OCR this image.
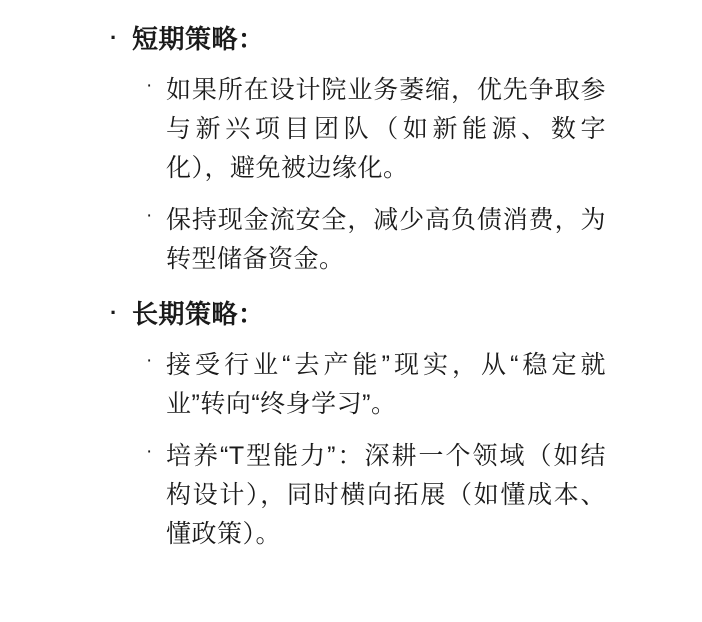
· 短期策略：
· 如果所在设计院业务萎缩，优先争取参与新兴项目团队（如新能源、数字化），避免被边缘化。
· 保持现金流安全，减少高负债消费，为转型储备资金。
· 长期策略：
· 接受行业“去产能”现实，从“稳定就业”转向“终身学习”。
· 培养“T型能力”：深耕一个领域（如结构设计），同时横向拓展（如懂成本、懂政策）。
